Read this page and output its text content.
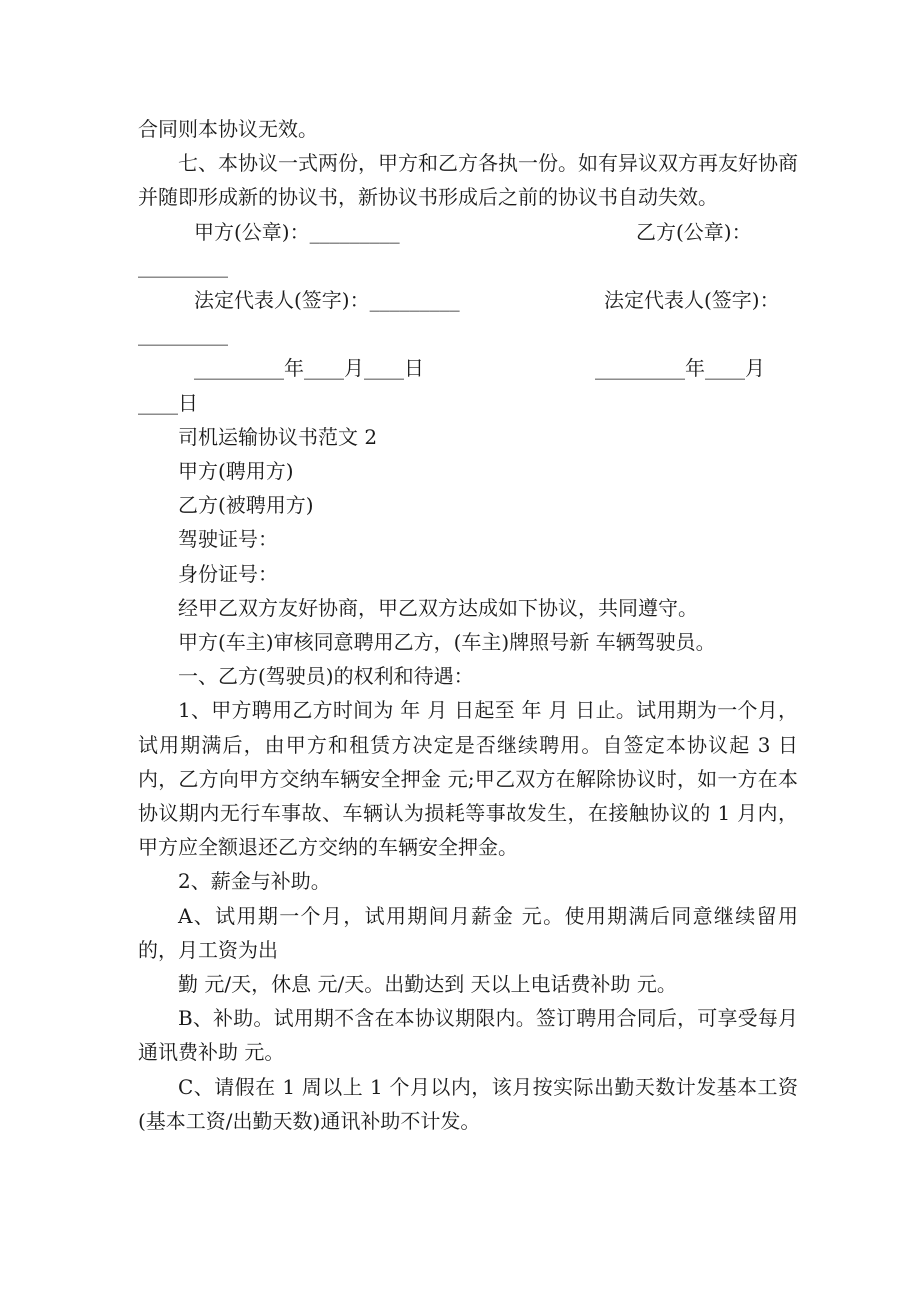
合同则本协议无效。

七、本协议一式两份，甲方和乙方各执一份。如有异议双方再友好协商并随即形成新的协议书，新协议书形成后之前的协议书自动失效。

甲方(公章)：_________	乙方(公章)：

_________

法定代表人(签字)：_________	法定代表人(签字)：

_________

_________年____月____日	_________年____月

____日

司机运输协议书范文 2

甲方(聘用方)

乙方(被聘用方)

驾驶证号：

身份证号：

经甲乙双方友好协商，甲乙双方达成如下协议，共同遵守。

甲方(车主)审核同意聘用乙方，(车主)牌照号新 车辆驾驶员。

一、乙方(驾驶员)的权利和待遇：

1、甲方聘用乙方时间为 年 月 日起至 年 月 日止。试用期为一个月，试用期满后，由甲方和租赁方决定是否继续聘用。自签定本协议起 3 日内，乙方向甲方交纳车辆安全押金 元;甲乙双方在解除协议时，如一方在本协议期内无行车事故、车辆认为损耗等事故发生，在接触协议的 1 月内，甲方应全额退还乙方交纳的车辆安全押金。

2、薪金与补助。

A、试用期一个月，试用期间月薪金 元。使用期满后同意继续留用的，月工资为出

勤 元/天，休息 元/天。出勤达到 天以上电话费补助 元。

B、补助。试用期不含在本协议期限内。签订聘用合同后，可享受每月通讯费补助 元。

C、请假在 1 周以上 1 个月以内，该月按实际出勤天数计发基本工资(基本工资/出勤天数)通讯补助不计发。
